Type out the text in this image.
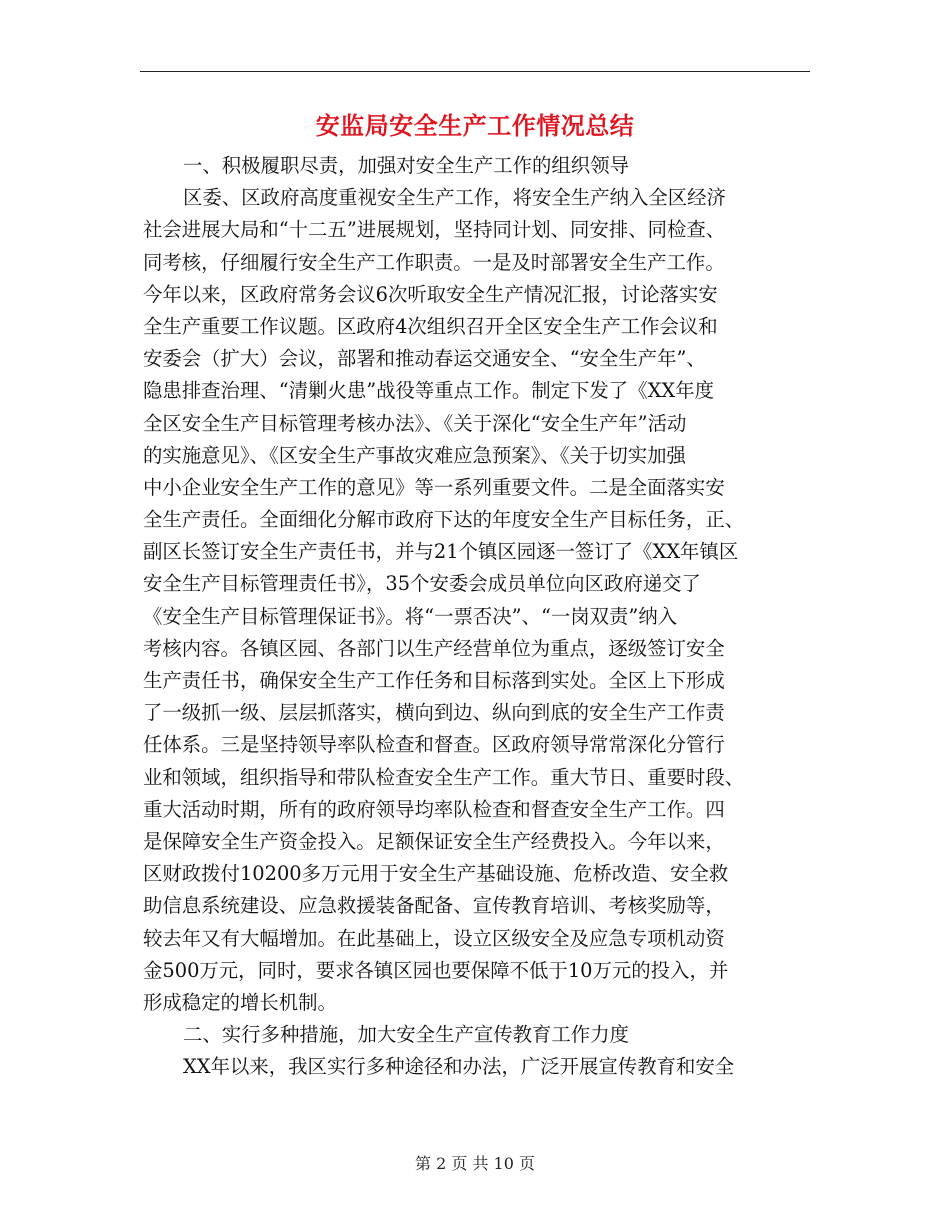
安监局安全生产工作情况总结
一、积极履职尽责，加强对安全生产工作的组织领导
区委、区政府高度重视安全生产工作，将安全生产纳入全区经济
社会进展大局和“十二五”进展规划，坚持同计划、同安排、同检查、
同考核，仔细履行安全生产工作职责。一是及时部署安全生产工作。
今年以来，区政府常务会议6次听取安全生产情况汇报，讨论落实安
全生产重要工作议题。区政府4次组织召开全区安全生产工作会议和
安委会（扩大）会议，部署和推动春运交通安全、“安全生产年”、
隐患排查治理、“清剿火患”战役等重点工作。制定下发了《XX年度
全区安全生产目标管理考核办法》、《关于深化“安全生产年”活动
的实施意见》、《区安全生产事故灾难应急预案》、《关于切实加强
中小企业安全生产工作的意见》等一系列重要文件。二是全面落实安
全生产责任。全面细化分解市政府下达的年度安全生产目标任务，正、
副区长签订安全生产责任书，并与21个镇区园逐一签订了《XX年镇区
安全生产目标管理责任书》，35个安委会成员单位向区政府递交了
《安全生产目标管理保证书》。将“一票否决”、“一岗双责”纳入
考核内容。各镇区园、各部门以生产经营单位为重点，逐级签订安全
生产责任书，确保安全生产工作任务和目标落到实处。全区上下形成
了一级抓一级、层层抓落实，横向到边、纵向到底的安全生产工作责
任体系。三是坚持领导率队检查和督查。区政府领导常常深化分管行
业和领域，组织指导和带队检查安全生产工作。重大节日、重要时段、
重大活动时期，所有的政府领导均率队检查和督查安全生产工作。四
是保障安全生产资金投入。足额保证安全生产经费投入。今年以来，
区财政拨付10200多万元用于安全生产基础设施、危桥改造、安全救
助信息系统建设、应急救援装备配备、宣传教育培训、考核奖励等，
较去年又有大幅增加。在此基础上，设立区级安全及应急专项机动资
金500万元，同时，要求各镇区园也要保障不低于10万元的投入，并
形成稳定的增长机制。
二、实行多种措施，加大安全生产宣传教育工作力度
XX年以来，我区实行多种途径和办法，广泛开展宣传教育和安全
第 2 页 共 10 页
